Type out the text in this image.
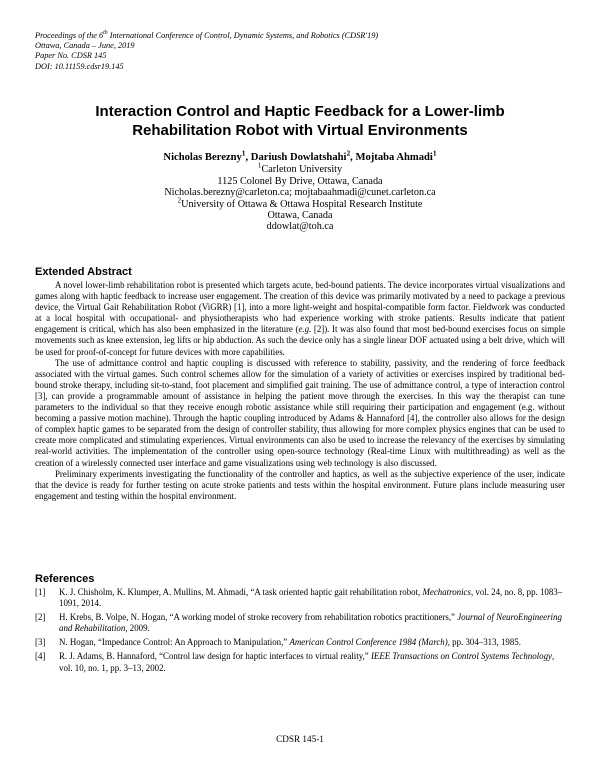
Proceedings of the 6th International Conference of Control, Dynamic Systems, and Robotics (CDSR'19)
Ottawa, Canada – June, 2019
Paper No. CDSR 145
DOI: 10.11159.cdsr19.145
Interaction Control and Haptic Feedback for a Lower-limb
Rehabilitation Robot with Virtual Environments
Nicholas Berezny$^1$, Dariush Dowlatshahi$^2$, Mojtaba Ahmadi$^1$
$^1$Carleton University
1125 Colonel By Drive, Ottawa, Canada
Nicholas.berezny@carleton.ca; mojtabaahmadi@cunet.carleton.ca
$^2$University of Ottawa & Ottawa Hospital Research Institute
Ottawa, Canada
ddowlat@toh.ca
Extended Abstract

A novel lower-limb rehabilitation robot is presented which targets acute, bed-bound patients. The device incorporates virtual visualizations and games along with haptic feedback to increase user engagement. The creation of this device was primarily motivated by a need to package a previous device, the Virtual Gait Rehabilitation Robot (ViGRR) [1], into a more light-weight and hospital-compatible form factor. Fieldwork was conducted at a local hospital with occupational- and physiotherapists who had experience working with stroke patients. Results indicate that patient engagement is critical, which has also been emphasized in the literature (e.g. [2]). It was also found that most bed-bound exercises focus on simple movements such as knee extension, leg lifts or hip abduction. As such the device only has a single linear DOF actuated using a belt drive, which will be used for proof-of-concept for future devices with more capabilities.

The use of admittance control and haptic coupling is discussed with reference to stability, passivity, and the rendering of force feedback associated with the virtual games. Such control schemes allow for the simulation of a variety of activities or exercises inspired by traditional bed-bound stroke therapy, including sit-to-stand, foot placement and simplified gait training. The use of admittance control, a type of interaction control [3], can provide a programmable amount of assistance in helping the patient move through the exercises. In this way the therapist can tune parameters to the individual so that they receive enough robotic assistance while still requiring their participation and engagement (e.g. without becoming a passive motion machine). Through the haptic coupling introduced by Adams & Hannaford [4], the controller also allows for the design of complex haptic games to be separated from the design of controller stability, thus allowing for more complex physics engines that can be used to create more complicated and stimulating experiences. Virtual environments can also be used to increase the relevancy of the exercises by simulating real-world activities. The implementation of the controller using open-source technology (Real-time Linux with multithreading) as well as the creation of a wirelessly connected user interface and game visualizations using web technology is also discussed.

Preliminary experiments investigating the functionality of the controller and haptics, as well as the subjective experience of the user, indicate that the device is ready for further testing on acute stroke patients and tests within the hospital environment. Future plans include measuring user engagement and testing within the hospital environment.

References
[1]	K. J. Chisholm, K. Klumper, A. Mullins, M. Ahmadi, “A task oriented haptic gait rehabilitation robot, Mechatronics, vol. 24, no. 8, pp. 1083–1091, 2014.
[2]	H. Krebs, B. Volpe, N. Hogan, “A working model of stroke recovery from rehabilitation robotics practitioners,” Journal of NeuroEngineering and Rehabilitation, 2009.
[3]	N. Hogan, “Impedance Control: An Approach to Manipulation,” American Control Conference 1984 (March), pp. 304–313, 1985.
[4]	R. J. Adams, B. Hannaford, “Control law design for haptic interfaces to virtual reality,” IEEE Transactions on Control Systems Technology, vol. 10, no. 1, pp. 3–13, 2002.
CDSR 145-1
